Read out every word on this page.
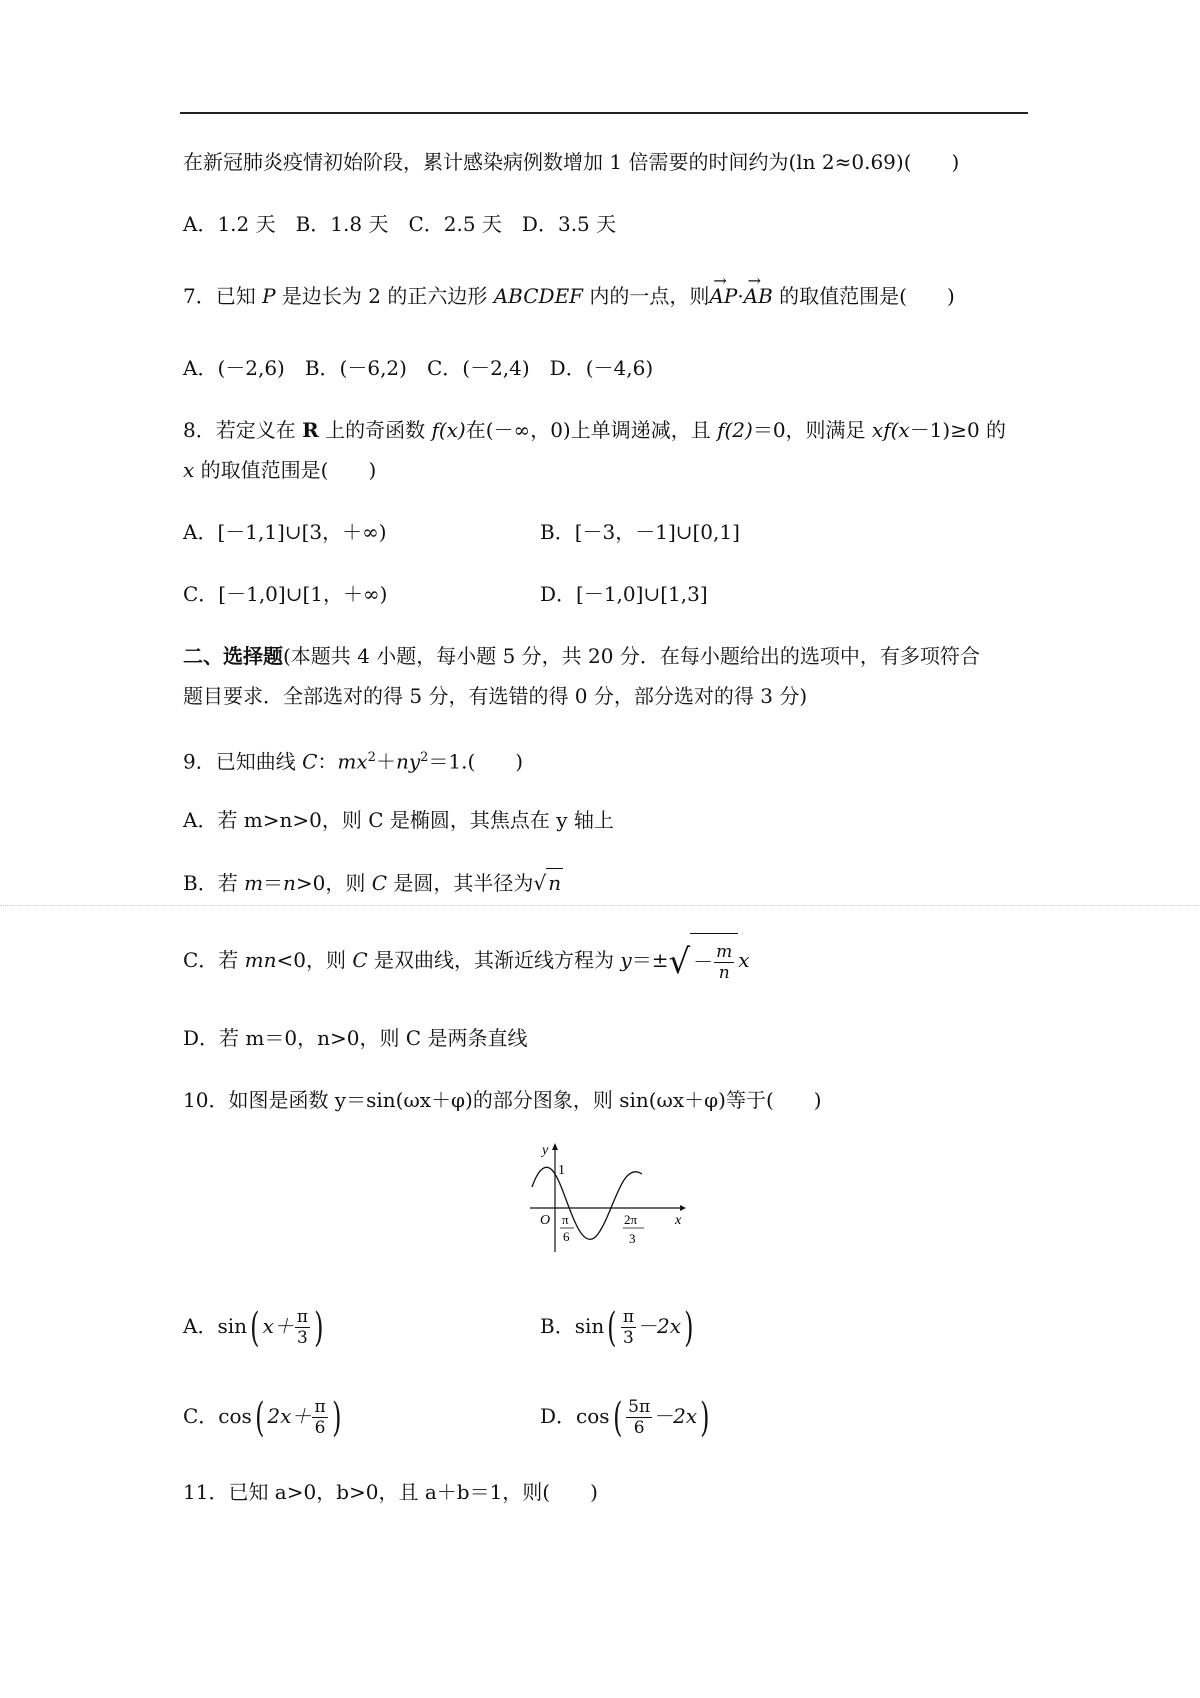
在新冠肺炎疫情初始阶段，累计感染病例数增加 1 倍需要的时间约为(ln 2≈0.69)(　　)
A．1.2 天　B．1.8 天　C．2.5 天　D．3.5 天
7．已知 P 是边长为 2 的正六边形 ABCDEF 内的一点，则→ AP·→ AB 的取值范围是(　　)
A．(－2,6)　B．(－6,2)　C．(－2,4)　D．(－4,6)
8．若定义在 R 上的奇函数 f(x)在(－∞，0)上单调递减，且 f(2)＝0，则满足 xf(x－1)≥0 的
x 的取值范围是(　　)
A．[－1,1]∪[3，＋∞)	B．[－3，－1]∪[0,1]
C．[－1,0]∪[1，＋∞)	D．[－1,0]∪[1,3]
二、选择题(本题共 4 小题，每小题 5 分，共 20 分．在每小题给出的选项中，有多项符合
题目要求．全部选对的得 5 分，有选错的得 0 分，部分选对的得 3 分)
9．已知曲线 C：$mx^2+ny^2=1$.(　　)
A．若 m>n>0，则 C 是椭圆，其焦点在 y 轴上
B．若 m＝n>0，则 C 是圆，其半径为√ n
C．若 mn<0，则 C 是双曲线，其渐近线方程为 y＝± √ － $\frac{m}{n}$ x
D．若 m＝0，n>0，则 C 是两条直线
10．如图是函数 y＝sin(ωx＋φ)的部分图象，则 sin(ωx＋φ)等于(　　)
y
x
O
1
π
6
2π
3
A．sin( $x+ \frac{\pi}{3}$ )	B．$\sin( \frac{\pi}{3} -2x)$
C．cos( $2x+ \frac{\pi}{6}$ )	D．$\cos( \frac{5\pi}{6} -2x)$
11．已知 a>0，b>0，且 a＋b＝1，则(　　)
